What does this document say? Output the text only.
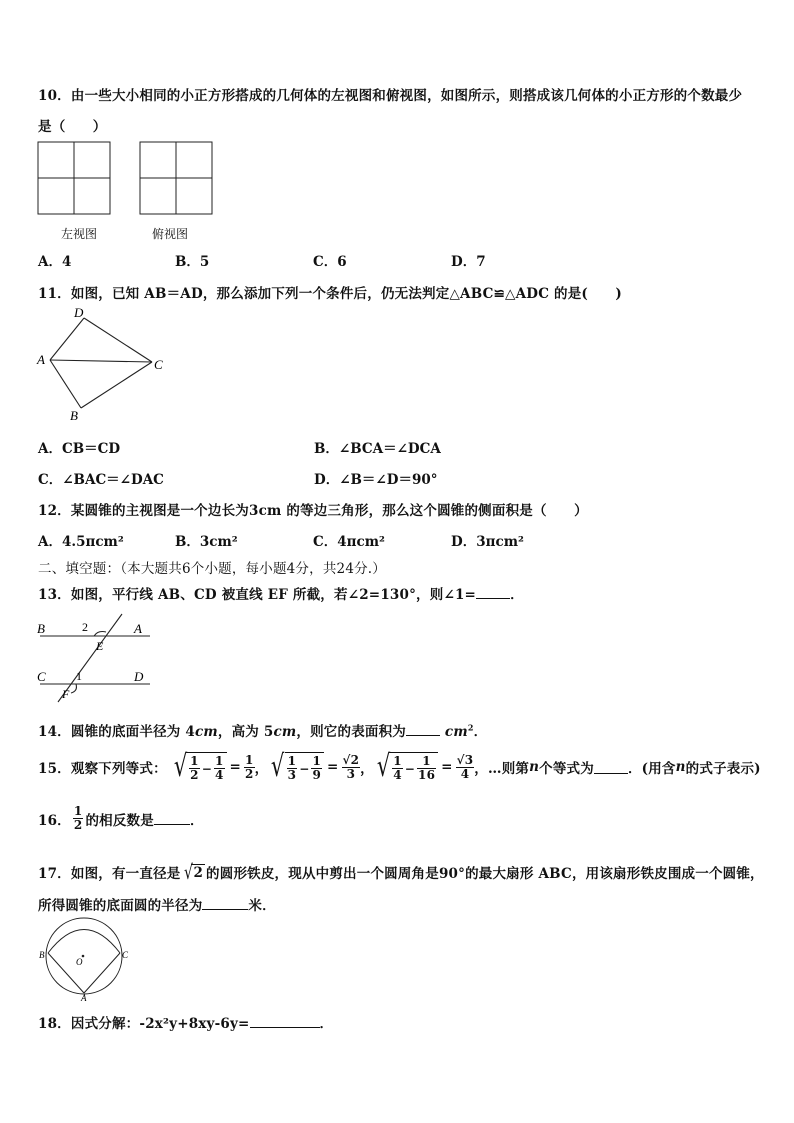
10．由一些大小相同的小正方形搭成的几何体的左视图和俯视图，如图所示，则搭成该几何体的小正方形的个数最少
是（　　）
左视图	俯视图
A．4	B．5	C．6	D．7
11．如图，已知 AB＝AD，那么添加下列一个条件后，仍无法判定△ABC≌△ADC 的是(　　)
D
A	C
B
A．CB＝CD	B．∠BCA＝∠DCA
C．∠BAC＝∠DAC	D．∠B＝∠D＝90°
12．某圆锥的主视图是一个边长为3cm 的等边三角形，那么这个圆锥的侧面积是（　　）
A．4.5πcm²	B．3cm²	C．4πcm²	D．3πcm²
二、填空题：（本大题共6个小题，每小题4分，共24分.）
13．如图，平行线 AB、CD 被直线 EF 所截，若∠2=130°，则∠1=	．
B	2	A
E
C	1	D
F
14．圆锥的底面半径为 4cm，高为 5cm，则它的表面积为	$cm^2$．
15．观察下列等式： √ $\frac{1}{2} - \frac{1}{4} = \frac{1}{2}$ ， √ $\frac{1}{3} - \frac{1}{9} = \frac{√2}{3}$ ， √ $\frac{1}{4} - \frac{1}{16} = \frac{√3}{4}$ ，…则第 n 个等式为	．(用含 n 的式子表示)
16． $\frac{1}{2}$ 的相反数是	．
17．如图，有一直径是 √ 2 的圆形铁皮，现从中剪出一个圆周角是90°的最大扇形 ABC，用该扇形铁皮围成一个圆锥，
所得圆锥的底面圆的半径为	米．
B	C
O
A
18．因式分解：-2x²y+8xy-6y=	．
